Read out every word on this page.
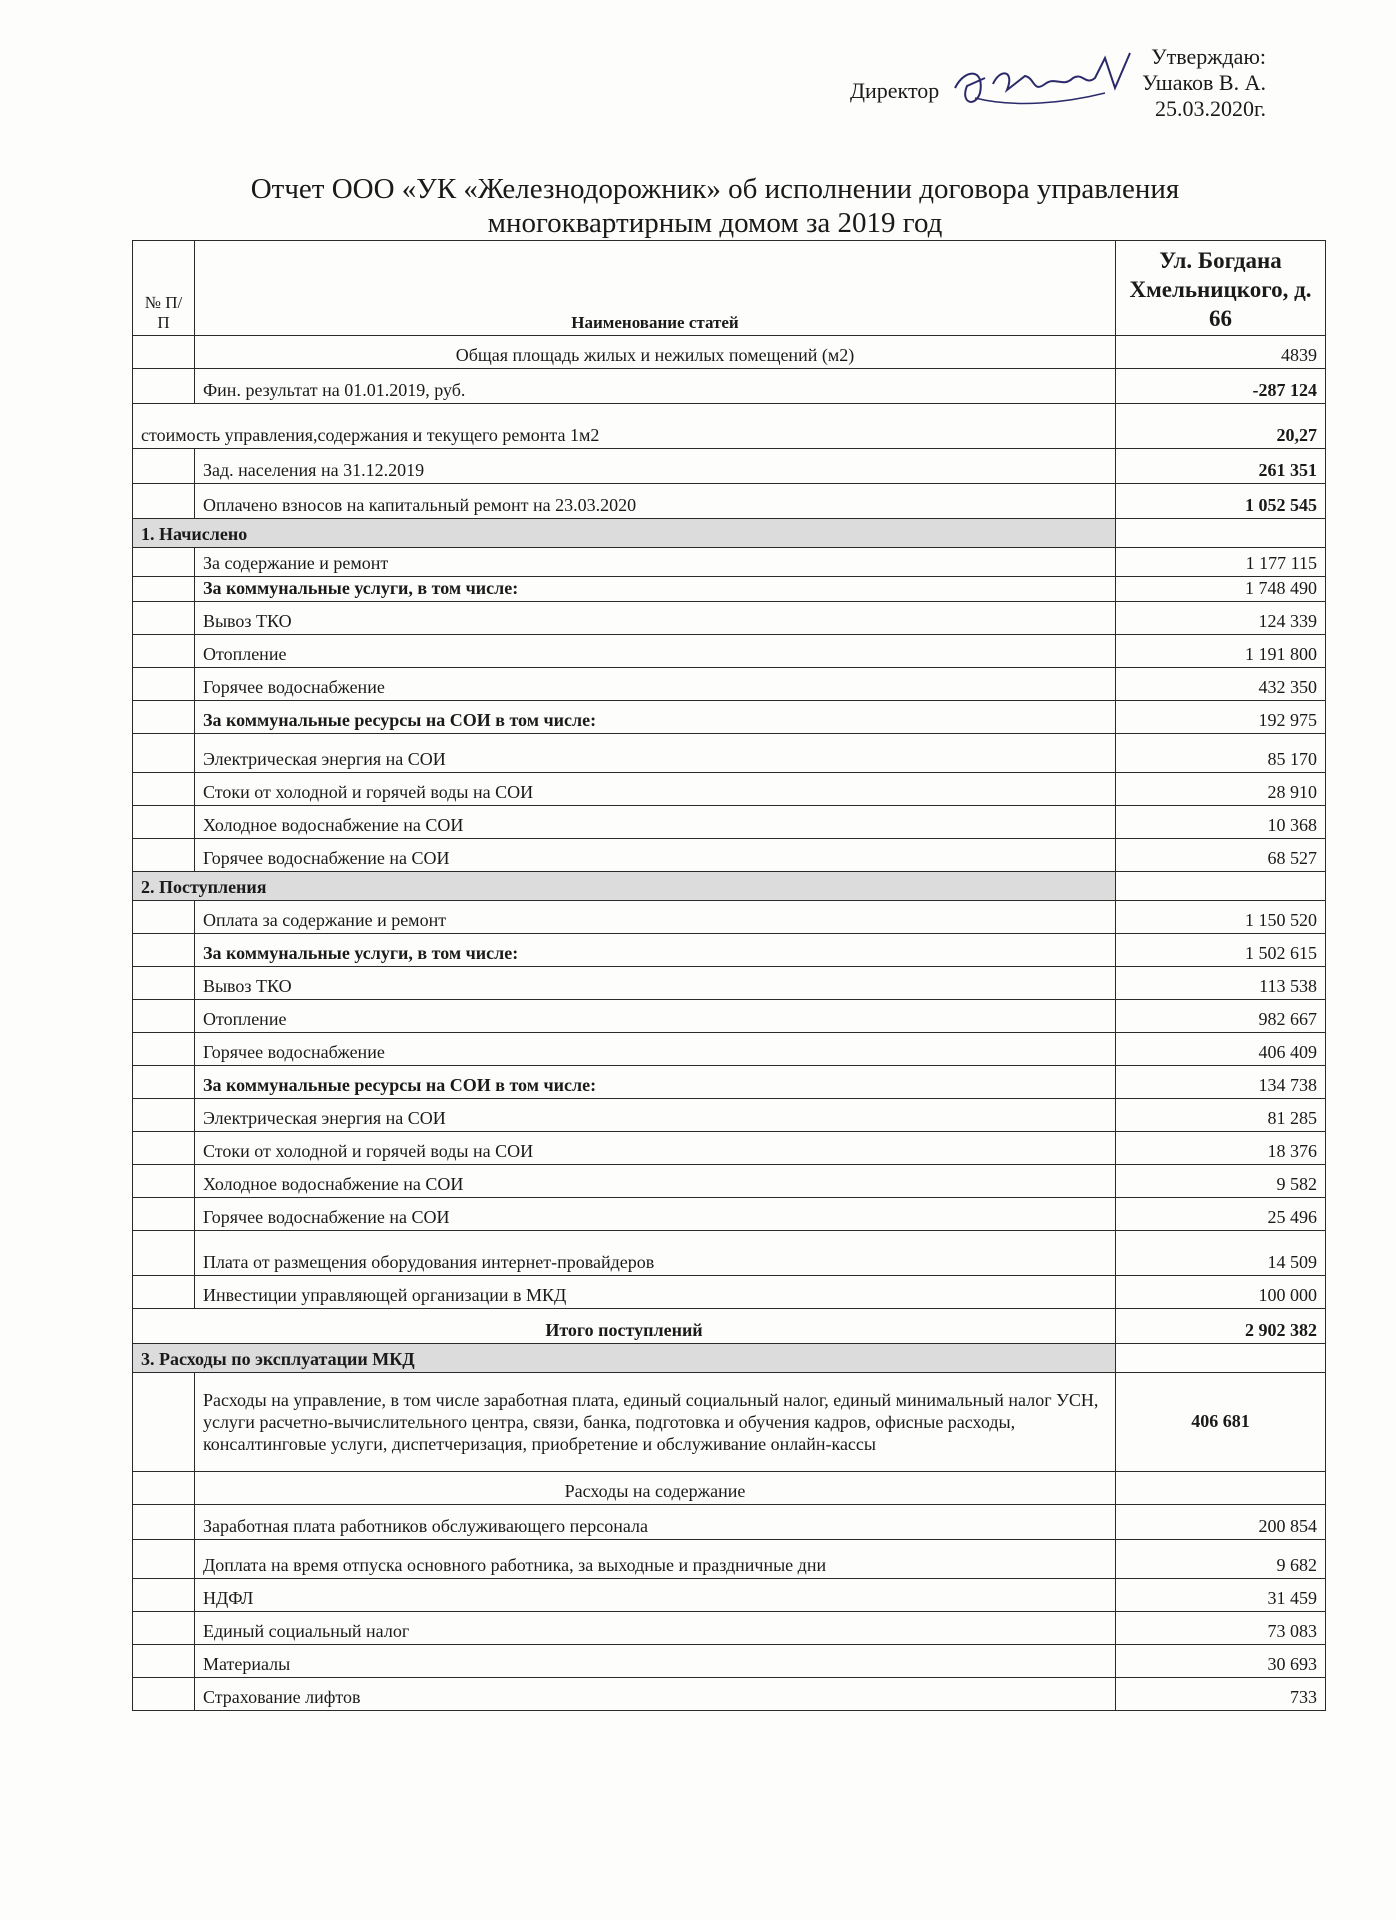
Утверждаю:
Ушаков В. А.
25.03.2020г.
Директор
Отчет ООО «УК «Железнодорожник» об исполнении договора управления
многоквартирным домом за 2019 год
№ П/П	Наименование статей	Ул. Богдана Хмельницкого, д. 66
	Общая площадь жилых и нежилых помещений (м2)	4839
	Фин. результат на 01.01.2019, руб.	-287 124
стоимость управления,содержания и текущего ремонта 1м2		20,27
	Зад. населения на 31.12.2019	261 351
	Оплачено взносов на капитальный ремонт на 23.03.2020	1 052 545
1. Начислено		
	За содержание и ремонт	1 177 115
	За коммунальные услуги, в том числе:	1 748 490
	Вывоз ТКО	124 339
	Отопление	1 191 800
	Горячее водоснабжение	432 350
	За коммунальные ресурсы на СОИ в том числе:	192 975
	Электрическая энергия на СОИ	85 170
	Стоки от холодной и горячей воды на СОИ	28 910
	Холодное водоснабжение на СОИ	10 368
	Горячее водоснабжение на СОИ	68 527
2. Поступления		
	Оплата за содержание и ремонт	1 150 520
	За коммунальные услуги, в том числе:	1 502 615
	Вывоз ТКО	113 538
	Отопление	982 667
	Горячее водоснабжение	406 409
	За коммунальные ресурсы на СОИ в том числе:	134 738
	Электрическая энергия на СОИ	81 285
	Стоки от холодной и горячей воды на СОИ	18 376
	Холодное водоснабжение на СОИ	9 582
	Горячее водоснабжение на СОИ	25 496
	Плата от размещения оборудования интернет-провайдеров	14 509
	Инвестиции управляющей организации в МКД	100 000
Итого поступлений		2 902 382
3. Расходы по эксплуатации МКД		
	Расходы на управление, в том числе заработная плата, единый социальный налог, единый минимальный налог УСН, услуги расчетно-вычислительного центра, связи, банка, подготовка и обучения кадров, офисные расходы, консалтинговые услуги, диспетчеризация, приобретение и обслуживание онлайн-кассы	406 681
	Расходы на содержание	
	Заработная плата работников обслуживающего персонала	200 854
	Доплата на время отпуска основного работника, за выходные и праздничные дни	9 682
	НДФЛ	31 459
	Единый социальный налог	73 083
	Материалы	30 693
	Страхование лифтов	733
